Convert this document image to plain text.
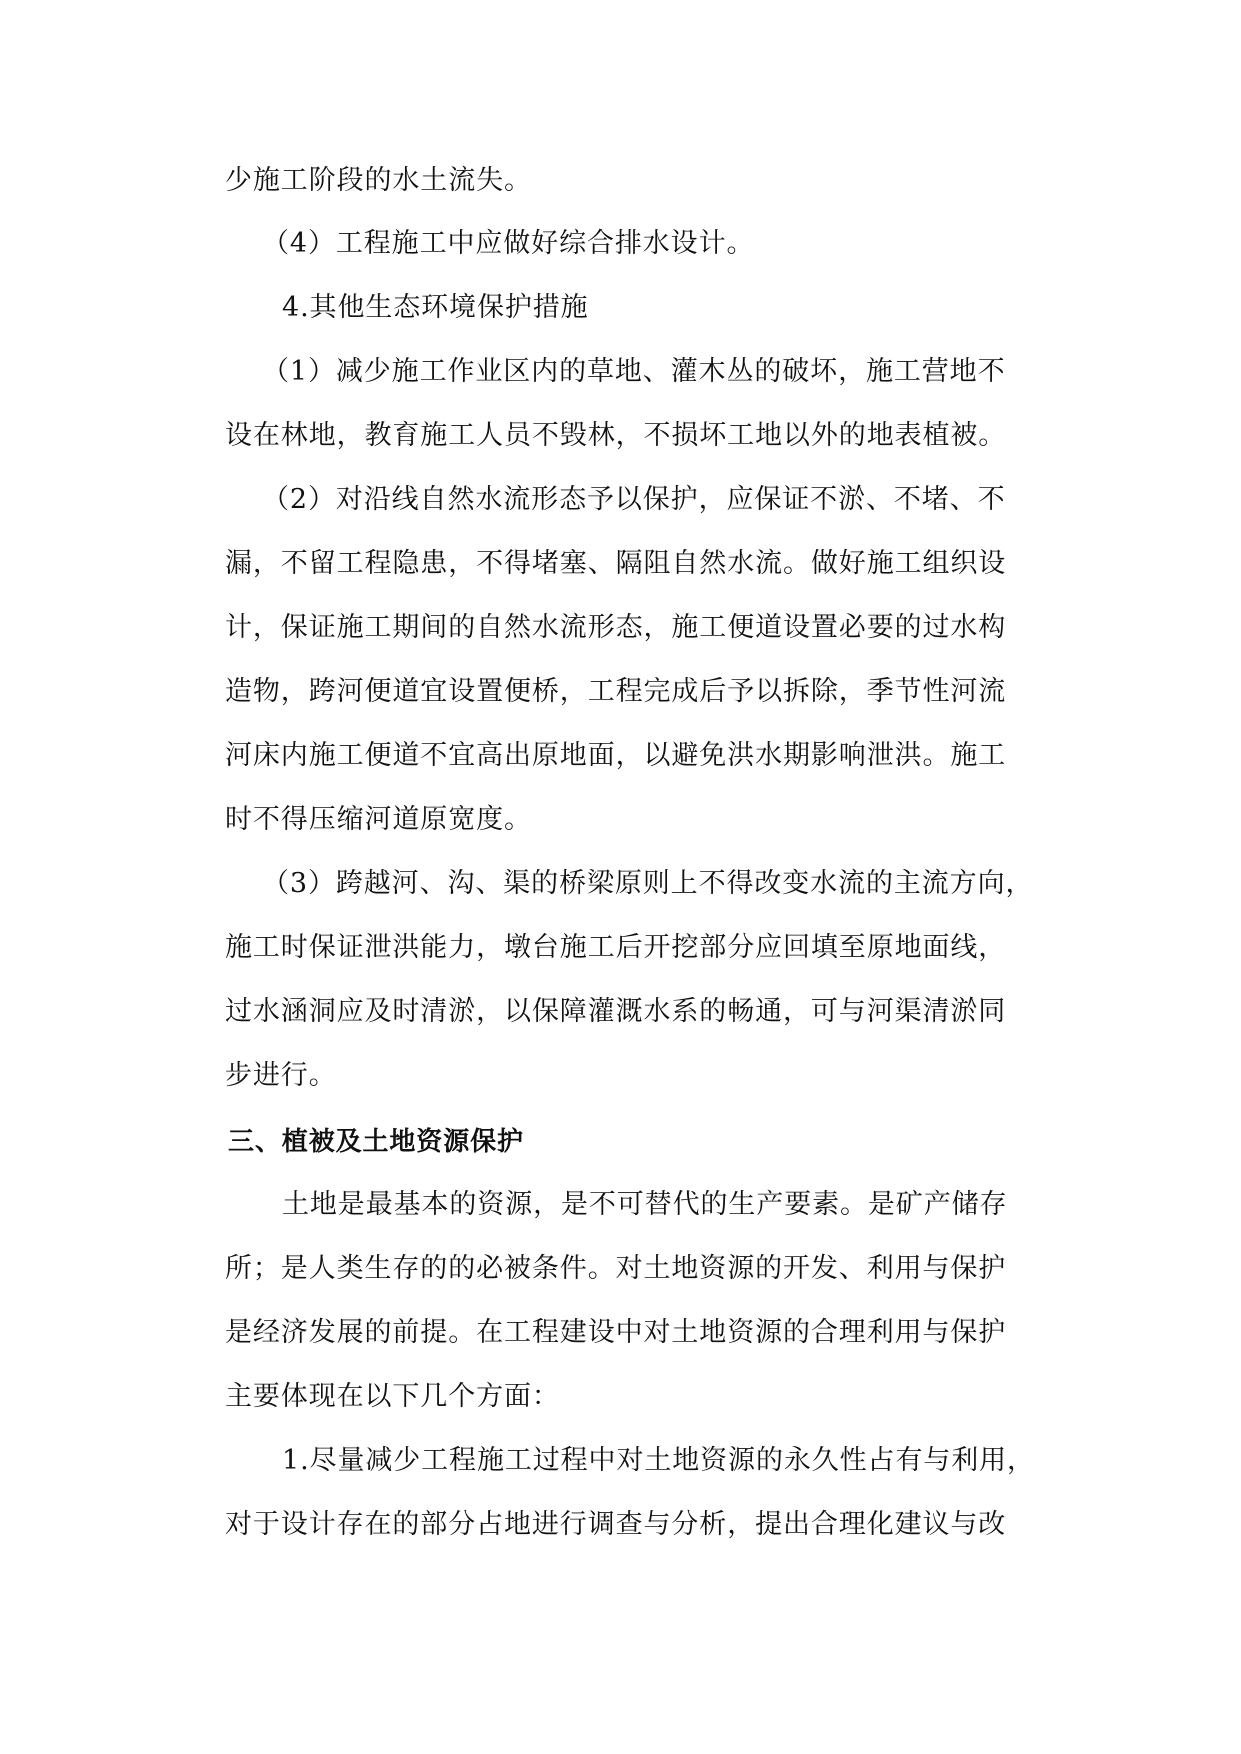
少施工阶段的水土流失。
（4）工程施工中应做好综合排水设计。
4.其他生态环境保护措施
（1）减少施工作业区内的草地、灌木丛的破坏，施工营地不
设在林地，教育施工人员不毁林，不损坏工地以外的地表植被。
（2）对沿线自然水流形态予以保护，应保证不淤、不堵、不
漏，不留工程隐患，不得堵塞、隔阻自然水流。做好施工组织设
计，保证施工期间的自然水流形态，施工便道设置必要的过水构
造物，跨河便道宜设置便桥，工程完成后予以拆除，季节性河流
河床内施工便道不宜高出原地面，以避免洪水期影响泄洪。施工
时不得压缩河道原宽度。
（3）跨越河、沟、渠的桥梁原则上不得改变水流的主流方向，
施工时保证泄洪能力，墩台施工后开挖部分应回填至原地面线，
过水涵洞应及时清淤，以保障灌溉水系的畅通，可与河渠清淤同
步进行。
三、植被及土地资源保护
土地是最基本的资源，是不可替代的生产要素。是矿产储存
所；是人类生存的的必被条件。对土地资源的开发、利用与保护
是经济发展的前提。在工程建设中对土地资源的合理利用与保护
主要体现在以下几个方面：
1.尽量减少工程施工过程中对土地资源的永久性占有与利用，
对于设计存在的部分占地进行调查与分析，提出合理化建议与改
